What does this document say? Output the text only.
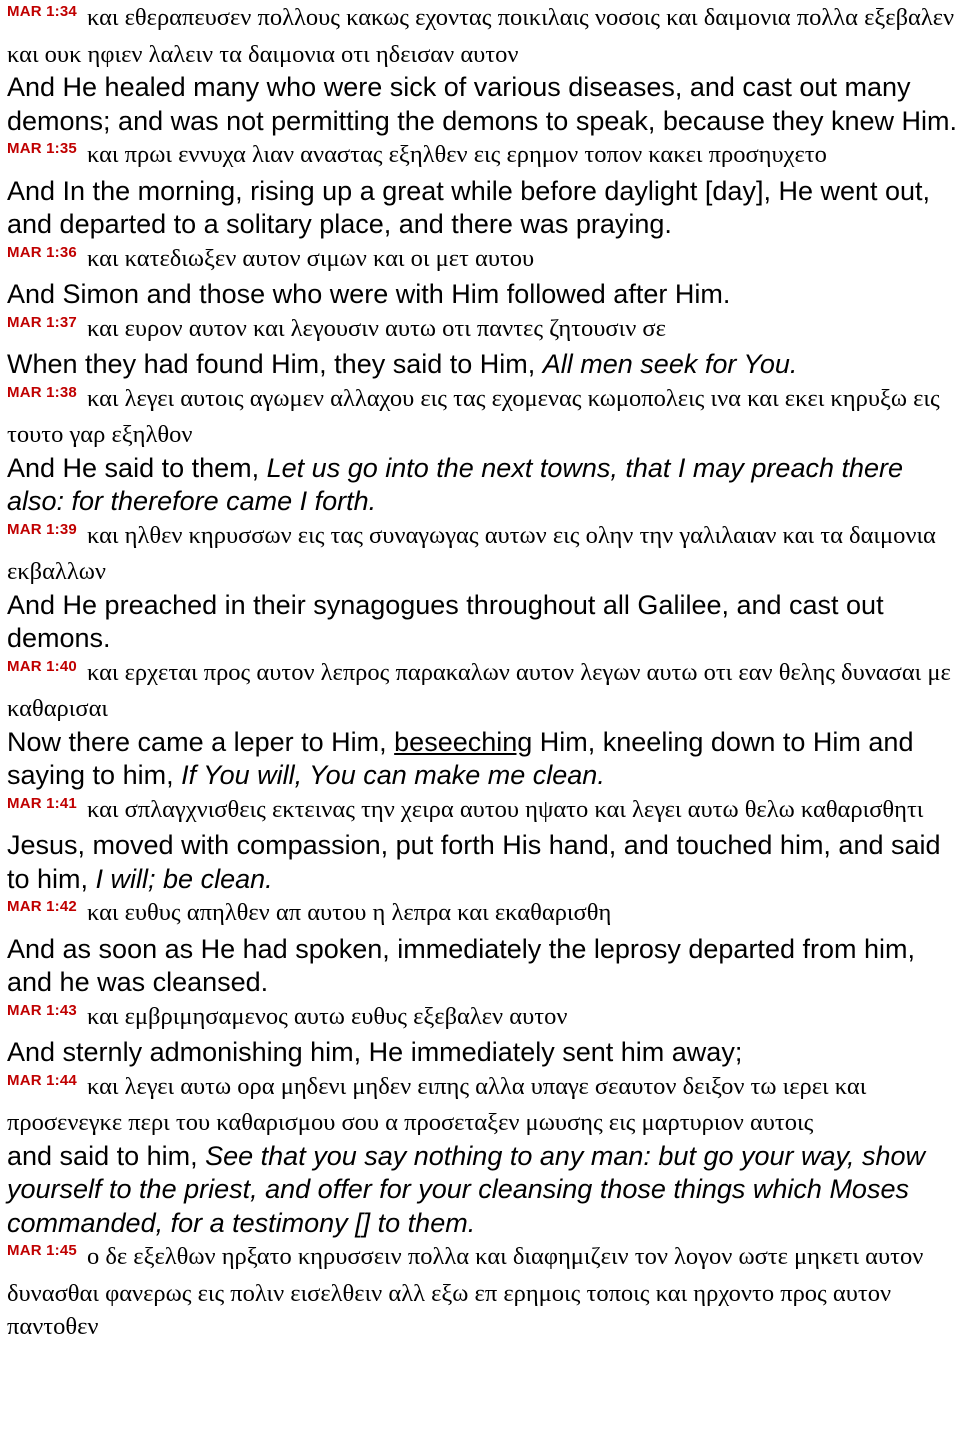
$^{MAR 1:34}$ και εθεραπευσεν πολλους κακως εχοντας ποικιλαις νοσοις και δαιμονια πολλα εξεβαλεν και ουκ ηφιεν λαλειν τα δαιμονια οτι ηδεισαν αυτον

And He healed many who were sick of various diseases, and cast out many demons; and was not permitting the demons to speak, because they knew Him.

$^{MAR 1:35}$ και πρωι εννυχα λιαν αναστας εξηλθεν εις ερημον τοπον κακει προσηυχετο

And In the morning, rising up a great while before daylight [day], He went out, and departed to a solitary place, and there was praying.

$^{MAR 1:36}$ και κατεδιωξεν αυτον σιμων και οι μετ αυτου

And Simon and those who were with Him followed after Him.

$^{MAR 1:37}$ και ευρον αυτον και λεγουσιν αυτω οτι παντες ζητουσιν σε

When they had found Him, they said to Him, All men seek for You.

$^{MAR 1:38}$ και λεγει αυτοις αγωμεν αλλαχου εις τας εχομενας κωμοπολεις ινα και εκει κηρυξω εις τουτο γαρ εξηλθον

And He said to them, Let us go into the next towns, that I may preach there also: for therefore came I forth.

$^{MAR 1:39}$ και ηλθεν κηρυσσων εις τας συναγωγας αυτων εις ολην την γαλιλαιαν και τα δαιμονια εκβαλλων

And He preached in their synagogues throughout all Galilee, and cast out demons.

$^{MAR 1:40}$ και ερχεται προς αυτον λεπρος παρακαλων αυτον λεγων αυτω οτι εαν θελης δυνασαι με καθαρισαι

Now there came a leper to Him, beseeching Him, kneeling down to Him and saying to him, If You will, You can make me clean.

$^{MAR 1:41}$ και σπλαγχνισθεις εκτεινας την χειρα αυτου ηψατο και λεγει αυτω θελω καθαρισθητι

Jesus, moved with compassion, put forth His hand, and touched him, and said to him, I will; be clean.

$^{MAR 1:42}$ και ευθυς απηλθεν απ αυτου η λεπρα και εκαθαρισθη

And as soon as He had spoken, immediately the leprosy departed from him, and he was cleansed.

$^{MAR 1:43}$ και εμβριμησαμενος αυτω ευθυς εξεβαλεν αυτον

And sternly admonishing him, He immediately sent him away;

$^{MAR 1:44}$ και λεγει αυτω ορα μηδενι μηδεν ειπης αλλα υπαγε σεαυτον δειξον τω ιερει και προσενεγκε περι του καθαρισμου σου α προσεταξεν μωυσης εις μαρτυριον αυτοις

and said to him, See that you say nothing to any man: but go your way, show yourself to the priest, and offer for your cleansing those things which Moses commanded, for a testimony [] to them.

$^{MAR 1:45}$ ο δε εξελθων ηρξατο κηρυσσειν πολλα και διαφημιζειν τον λογον ωστε μηκετι αυτον δυνασθαι φανερως εις πολιν εισελθειν αλλ εξω επ ερημοις τοποις και ηρχοντο προς αυτον παντοθεν
